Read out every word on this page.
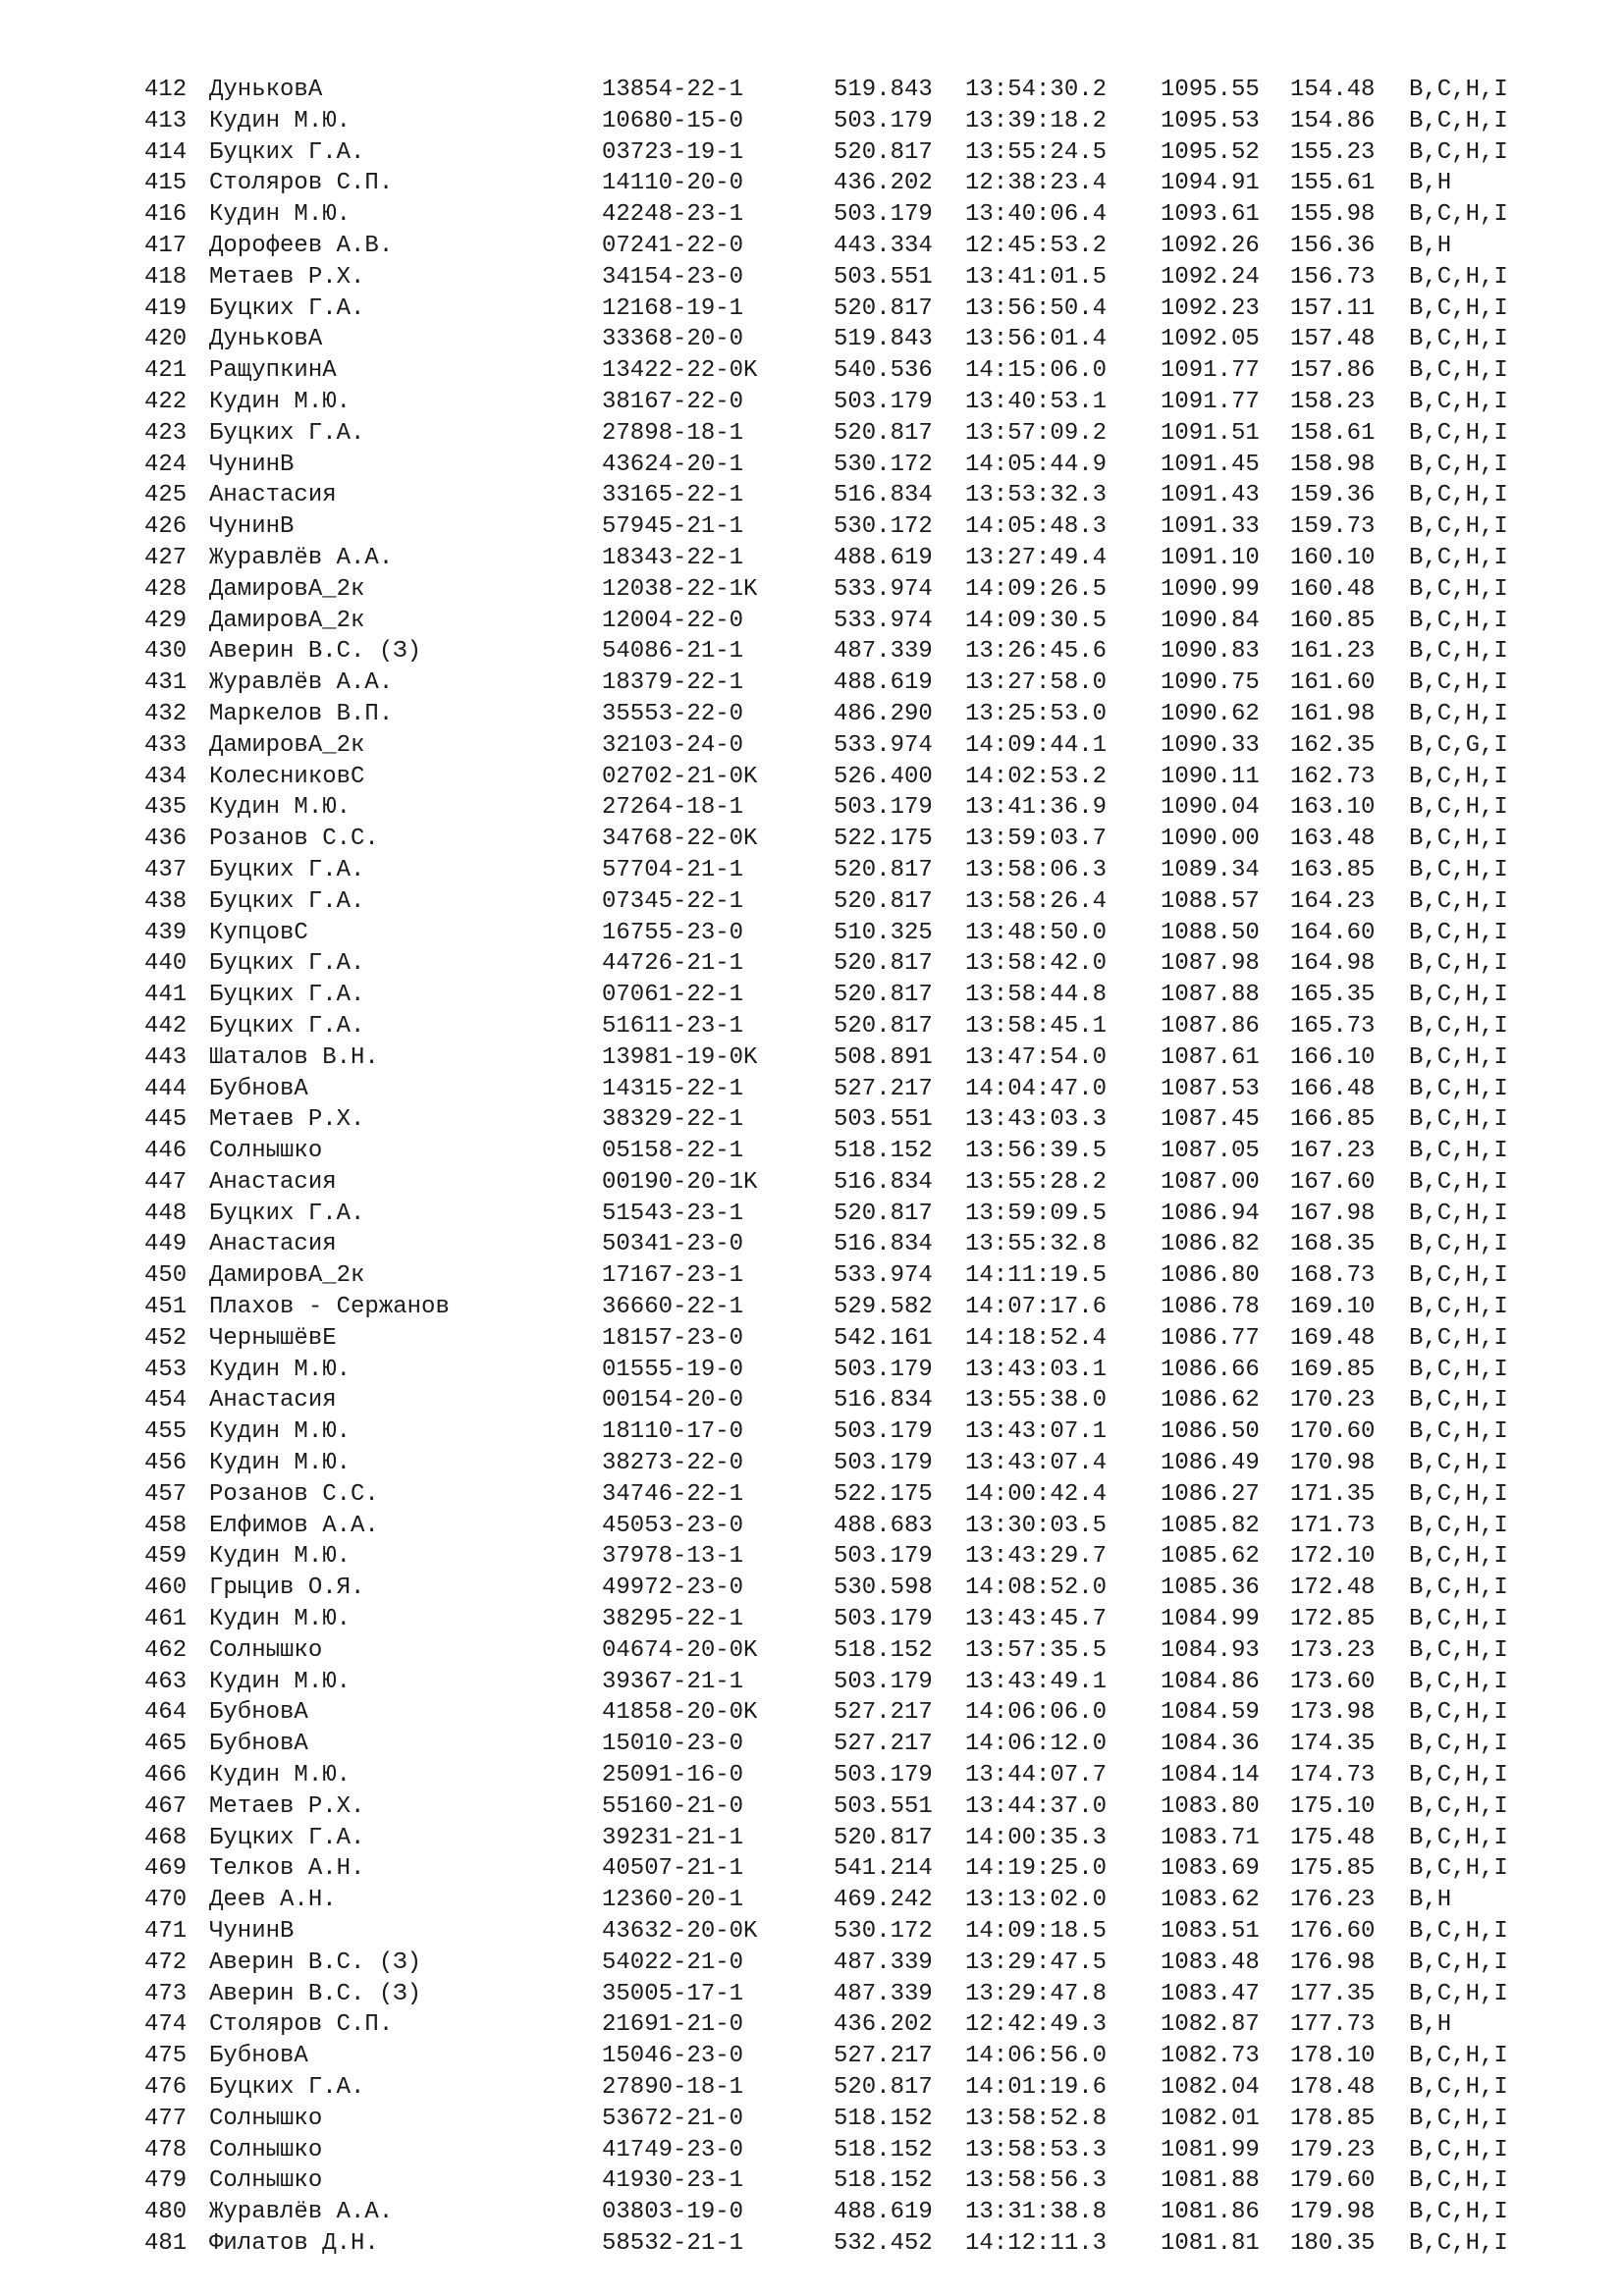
412 ДуньковА	13854-22-1	519.843 13:54:30.2 1095.55 154.48 B,C,H,I
413 Кудин М.Ю.	10680-15-0	503.179 13:39:18.2 1095.53 154.86 B,C,H,I
414 Буцких Г.А.	03723-19-1	520.817 13:55:24.5 1095.52 155.23 B,C,H,I
415 Столяров С.П.	14110-20-0	436.202 12:38:23.4 1094.91 155.61 B,H
416 Кудин М.Ю.	42248-23-1	503.179 13:40:06.4 1093.61 155.98 B,C,H,I
417 Дорофеев А.В.	07241-22-0	443.334 12:45:53.2 1092.26 156.36 B,H
418 Метаев Р.Х.	34154-23-0	503.551 13:41:01.5 1092.24 156.73 B,C,H,I
419 Буцких Г.А.	12168-19-1	520.817 13:56:50.4 1092.23 157.11 B,C,H,I
420 ДуньковА	33368-20-0	519.843 13:56:01.4 1092.05 157.48 B,C,H,I
421 РащупкинА	13422-22-0K	540.536 14:15:06.0 1091.77 157.86 B,C,H,I
422 Кудин М.Ю.	38167-22-0	503.179 13:40:53.1 1091.77 158.23 B,C,H,I
423 Буцких Г.А.	27898-18-1	520.817 13:57:09.2 1091.51 158.61 B,C,H,I
424 ЧунинВ	43624-20-1	530.172 14:05:44.9 1091.45 158.98 B,C,H,I
425 Анастасия	33165-22-1	516.834 13:53:32.3 1091.43 159.36 B,C,H,I
426 ЧунинВ	57945-21-1	530.172 14:05:48.3 1091.33 159.73 B,C,H,I
427 Журавлёв А.А.	18343-22-1	488.619 13:27:49.4 1091.10 160.10 B,C,H,I
428 ДамировА_2к	12038-22-1K	533.974 14:09:26.5 1090.99 160.48 B,C,H,I
429 ДамировА_2к	12004-22-0	533.974 14:09:30.5 1090.84 160.85 B,C,H,I
430 Аверин В.С. (З)	54086-21-1	487.339 13:26:45.6 1090.83 161.23 B,C,H,I
431 Журавлёв А.А.	18379-22-1	488.619 13:27:58.0 1090.75 161.60 B,C,H,I
432 Маркелов В.П.	35553-22-0	486.290 13:25:53.0 1090.62 161.98 B,C,H,I
433 ДамировА_2к	32103-24-0	533.974 14:09:44.1 1090.33 162.35 B,C,G,I
434 КолесниковС	02702-21-0K	526.400 14:02:53.2 1090.11 162.73 B,C,H,I
435 Кудин М.Ю.	27264-18-1	503.179 13:41:36.9 1090.04 163.10 B,C,H,I
436 Розанов С.С.	34768-22-0K	522.175 13:59:03.7 1090.00 163.48 B,C,H,I
437 Буцких Г.А.	57704-21-1	520.817 13:58:06.3 1089.34 163.85 B,C,H,I
438 Буцких Г.А.	07345-22-1	520.817 13:58:26.4 1088.57 164.23 B,C,H,I
439 КупцовС	16755-23-0	510.325 13:48:50.0 1088.50 164.60 B,C,H,I
440 Буцких Г.А.	44726-21-1	520.817 13:58:42.0 1087.98 164.98 B,C,H,I
441 Буцких Г.А.	07061-22-1	520.817 13:58:44.8 1087.88 165.35 B,C,H,I
442 Буцких Г.А.	51611-23-1	520.817 13:58:45.1 1087.86 165.73 B,C,H,I
443 Шаталов В.Н.	13981-19-0K	508.891 13:47:54.0 1087.61 166.10 B,C,H,I
444 БубновА	14315-22-1	527.217 14:04:47.0 1087.53 166.48 B,C,H,I
445 Метаев Р.Х.	38329-22-1	503.551 13:43:03.3 1087.45 166.85 B,C,H,I
446 Солнышко	05158-22-1	518.152 13:56:39.5 1087.05 167.23 B,C,H,I
447 Анастасия	00190-20-1K	516.834 13:55:28.2 1087.00 167.60 B,C,H,I
448 Буцких Г.А.	51543-23-1	520.817 13:59:09.5 1086.94 167.98 B,C,H,I
449 Анастасия	50341-23-0	516.834 13:55:32.8 1086.82 168.35 B,C,H,I
450 ДамировА_2к	17167-23-1	533.974 14:11:19.5 1086.80 168.73 B,C,H,I
451 Плахов - Сержанов	36660-22-1	529.582 14:07:17.6 1086.78 169.10 B,C,H,I
452 ЧернышёвЕ	18157-23-0	542.161 14:18:52.4 1086.77 169.48 B,C,H,I
453 Кудин М.Ю.	01555-19-0	503.179 13:43:03.1 1086.66 169.85 B,C,H,I
454 Анастасия	00154-20-0	516.834 13:55:38.0 1086.62 170.23 B,C,H,I
455 Кудин М.Ю.	18110-17-0	503.179 13:43:07.1 1086.50 170.60 B,C,H,I
456 Кудин М.Ю.	38273-22-0	503.179 13:43:07.4 1086.49 170.98 B,C,H,I
457 Розанов С.С.	34746-22-1	522.175 14:00:42.4 1086.27 171.35 B,C,H,I
458 Елфимов А.А.	45053-23-0	488.683 13:30:03.5 1085.82 171.73 B,C,H,I
459 Кудин М.Ю.	37978-13-1	503.179 13:43:29.7 1085.62 172.10 B,C,H,I
460 Грыцив О.Я.	49972-23-0	530.598 14:08:52.0 1085.36 172.48 B,C,H,I
461 Кудин М.Ю.	38295-22-1	503.179 13:43:45.7 1084.99 172.85 B,C,H,I
462 Солнышко	04674-20-0K	518.152 13:57:35.5 1084.93 173.23 B,C,H,I
463 Кудин М.Ю.	39367-21-1	503.179 13:43:49.1 1084.86 173.60 B,C,H,I
464 БубновА	41858-20-0K	527.217 14:06:06.0 1084.59 173.98 B,C,H,I
465 БубновА	15010-23-0	527.217 14:06:12.0 1084.36 174.35 B,C,H,I
466 Кудин М.Ю.	25091-16-0	503.179 13:44:07.7 1084.14 174.73 B,C,H,I
467 Метаев Р.Х.	55160-21-0	503.551 13:44:37.0 1083.80 175.10 B,C,H,I
468 Буцких Г.А.	39231-21-1	520.817 14:00:35.3 1083.71 175.48 B,C,H,I
469 Телков А.Н.	40507-21-1	541.214 14:19:25.0 1083.69 175.85 B,C,H,I
470 Деев А.Н.	12360-20-1	469.242 13:13:02.0 1083.62 176.23 B,H
471 ЧунинВ	43632-20-0K	530.172 14:09:18.5 1083.51 176.60 B,C,H,I
472 Аверин В.С. (З)	54022-21-0	487.339 13:29:47.5 1083.48 176.98 B,C,H,I
473 Аверин В.С. (З)	35005-17-1	487.339 13:29:47.8 1083.47 177.35 B,C,H,I
474 Столяров С.П.	21691-21-0	436.202 12:42:49.3 1082.87 177.73 B,H
475 БубновА	15046-23-0	527.217 14:06:56.0 1082.73 178.10 B,C,H,I
476 Буцких Г.А.	27890-18-1	520.817 14:01:19.6 1082.04 178.48 B,C,H,I
477 Солнышко	53672-21-0	518.152 13:58:52.8 1082.01 178.85 B,C,H,I
478 Солнышко	41749-23-0	518.152 13:58:53.3 1081.99 179.23 B,C,H,I
479 Солнышко	41930-23-1	518.152 13:58:56.3 1081.88 179.60 B,C,H,I
480 Журавлёв А.А.	03803-19-0	488.619 13:31:38.8 1081.86 179.98 B,C,H,I
481 Филатов Д.Н.	58532-21-1	532.452 14:12:11.3 1081.81 180.35 B,C,H,I
